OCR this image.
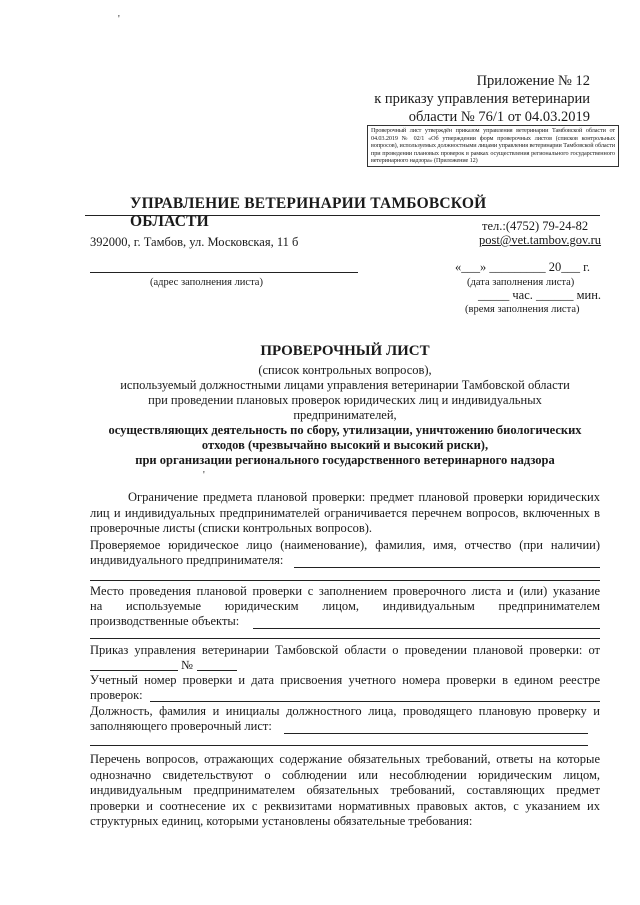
'
Приложение № 12
к приказу управления ветеринарии
области № 76/1 от 04.03.2019
Проверочный лист утверждён приказом управления ветеринарии Тамбовской области от 04.03.2019 № 02/1 «Об утверждении форм проверочных листов (списков контрольных вопросов), используемых должностными лицами управления ветеринарии Тамбовской области при проведении плановых проверок в рамках осуществления регионального государственного ветеринарного надзора» (Приложение 12)
УПРАВЛЕНИЕ ВЕТЕРИНАРИИ ТАМБОВСКОЙ ОБЛАСТИ	тел.:(4752) 79-24-82
post@vet.tambov.gov.ru
392000, г. Тамбов, ул. Московская, 11 б
(адрес заполнения листа)
«___» _________ 20___ г.
(дата заполнения листа)
_____ час. ______ мин.
(время заполнения листа)
ПРОВЕРОЧНЫЙ ЛИСТ
(список контрольных вопросов),
используемый должностными лицами управления ветеринарии Тамбовской области
при проведении плановых проверок юридических лиц и индивидуальных
предпринимателей,
осуществляющих деятельность по сбору, утилизации, уничтожению биологических
отходов (чрезвычайно высокий и высокий риски),
при организации регионального государственного ветеринарного надзора
'
Ограничение предмета плановой проверки: предмет плановой проверки юридических лиц и индивидуальных предпринимателей ограничивается перечнем вопросов, включенных в проверочные листы (списки контрольных вопросов).
Проверяемое юридическое лицо (наименование), фамилия, имя, отчество (при наличии)
индивидуального предпринимателя:
Место проведения плановой проверки с заполнением проверочного листа и (или) указание
на используемые юридическим лицом, индивидуальным предпринимателем
производственные объекты:
Приказ управления ветеринарии Тамбовской области о проведении плановой проверки: от
№
Учетный номер проверки и дата присвоения учетного номера проверки в едином реестре
проверок:
Должность, фамилия и инициалы должностного лица, проводящего плановую проверку и
заполняющего проверочный лист:
Перечень вопросов, отражающих содержание обязательных требований, ответы на которые однозначно свидетельствуют о соблюдении или несоблюдении юридическим лицом, индивидуальным предпринимателем обязательных требований, составляющих предмет проверки и соотнесение их с реквизитами нормативных правовых актов, с указанием их структурных единиц, которыми установлены обязательные требования:
